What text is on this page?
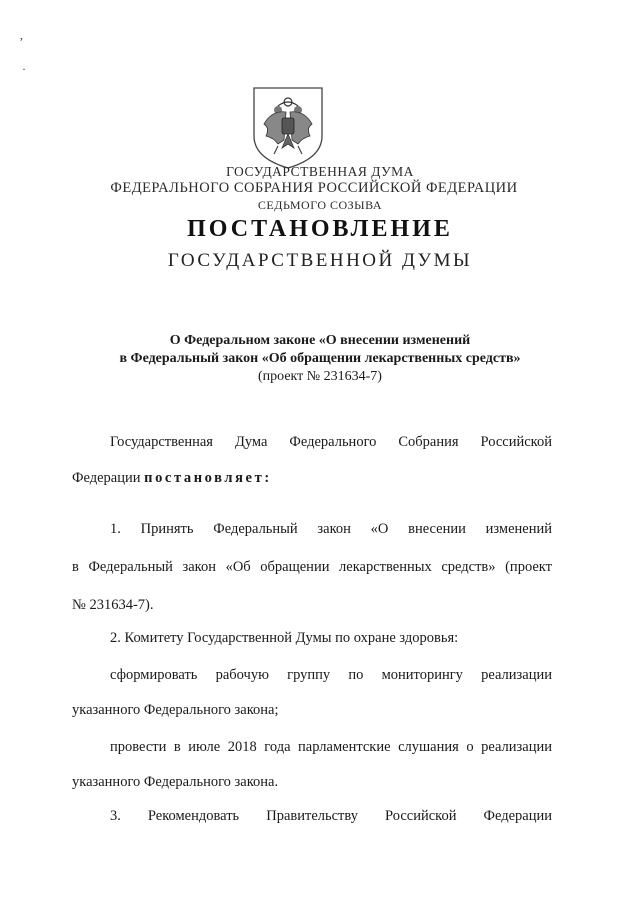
,
·
ГОСУДАРСТВЕННАЯ ДУМА
ФЕДЕРАЛЬНОГО СОБРАНИЯ РОССИЙСКОЙ ФЕДЕРАЦИИ
СЕДЬМОГО СОЗЫВА
ПОСТАНОВЛЕНИЕ
ГОСУДАРСТВЕННОЙ ДУМЫ
О Федеральном законе «О внесении изменений
в Федеральный закон «Об обращении лекарственных средств»
(проект № 231634-7)
Государственная Дума Федерального Собрания Российской
Федерации постановляет:
1. Принять Федеральный закон «О внесении изменений
в Федеральный закон «Об обращении лекарственных средств» (проект
№ 231634-7).
2. Комитету Государственной Думы по охране здоровья:
сформировать рабочую группу по мониторингу реализации
указанного Федерального закона;
провести в июле 2018 года парламентские слушания о реализации
указанного Федерального закона.
3. Рекомендовать Правительству Российской Федерации
